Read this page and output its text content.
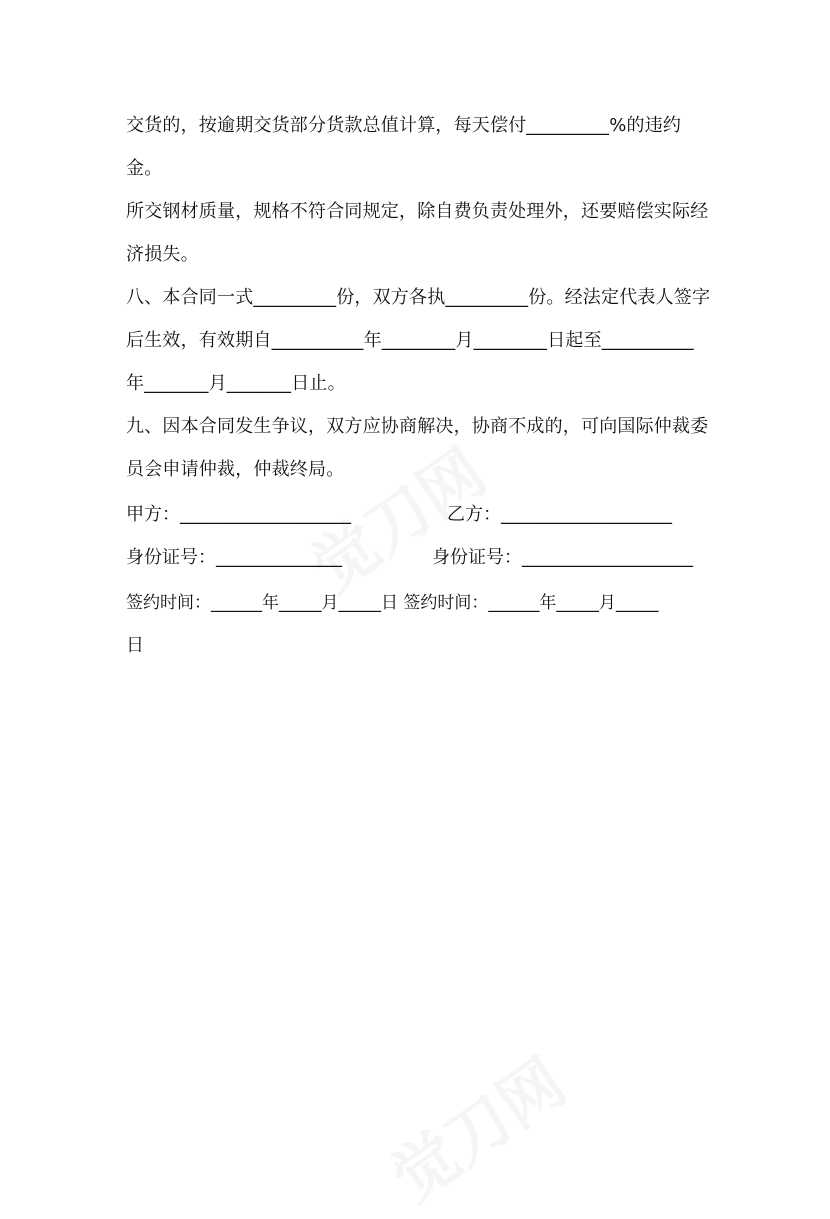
觉刀网
觉刀网
交货的，按逾期交货部分货款总值计算，每天偿付_________%的违约金。
所交钢材质量，规格不符合同规定，除自费负责处理外，还要赔偿实际经济损失。
八、本合同一式_________份，双方各执_________份。经法定代表人签字后生效，有效期自__________年________月________日起至__________年_______月_______日止。
九、因本合同发生争议，双方应协商解决，协商不成的，可向国际仲裁委员会申请仲裁，仲裁终局。
甲方：___________________	乙方：___________________
身份证号：______________	身份证号：___________________
签约时间：______年_____月_____日 签约时间：______年_____月_____
日
